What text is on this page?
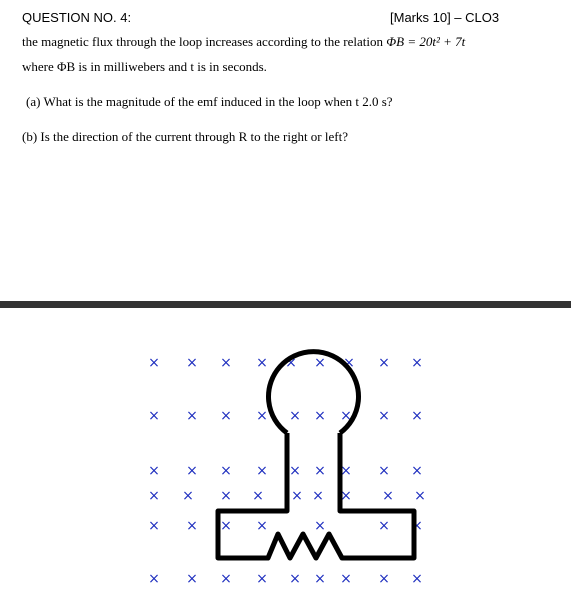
QUESTION NO. 4:	[Marks 10] – CLO3
the magnetic flux through the loop increases according to the relation ΦB = 20t² + 7t
where ΦB is in milliwebers and t is in seconds.
(a) What is the magnitude of the emf induced in the loop when t 2.0 s?
(b) Is the direction of the current through R to the right or left?
× × × × × × × × ×
× × × × × × × × ×
× × × × × × × × ×
× × × × × × × × ×
× × × ×	×	× ×
× × × × × × × × ×
